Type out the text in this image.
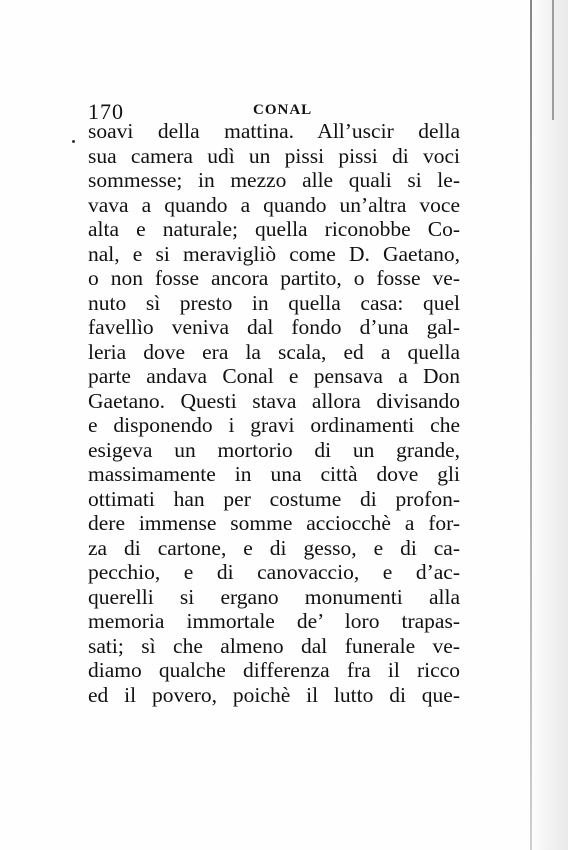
170	CONAL
soavi della mattina. All’uscir della
sua camera udì un pissi pissi di voci
sommesse; in mezzo alle quali si le-
vava a quando a quando un’altra voce
alta e naturale; quella riconobbe Co-
nal, e si meravigliò come D. Gaetano,
o non fosse ancora partito, o fosse ve-
nuto sì presto in quella casa: quel
favellìo veniva dal fondo d’una gal-
leria dove era la scala, ed a quella
parte andava Conal e pensava a Don
Gaetano. Questi stava allora divisando
e disponendo i gravi ordinamenti che
esigeva un mortorio di un grande,
massimamente in una città dove gli
ottimati han per costume di profon-
dere immense somme acciocchè a for-
za di cartone, e di gesso, e di ca-
pecchio, e di canovaccio, e d’ac-
querelli si ergano monumenti alla
memoria immortale de’ loro trapas-
sati; sì che almeno dal funerale ve-
diamo qualche differenza fra il ricco
ed il povero, poichè il lutto di que-
